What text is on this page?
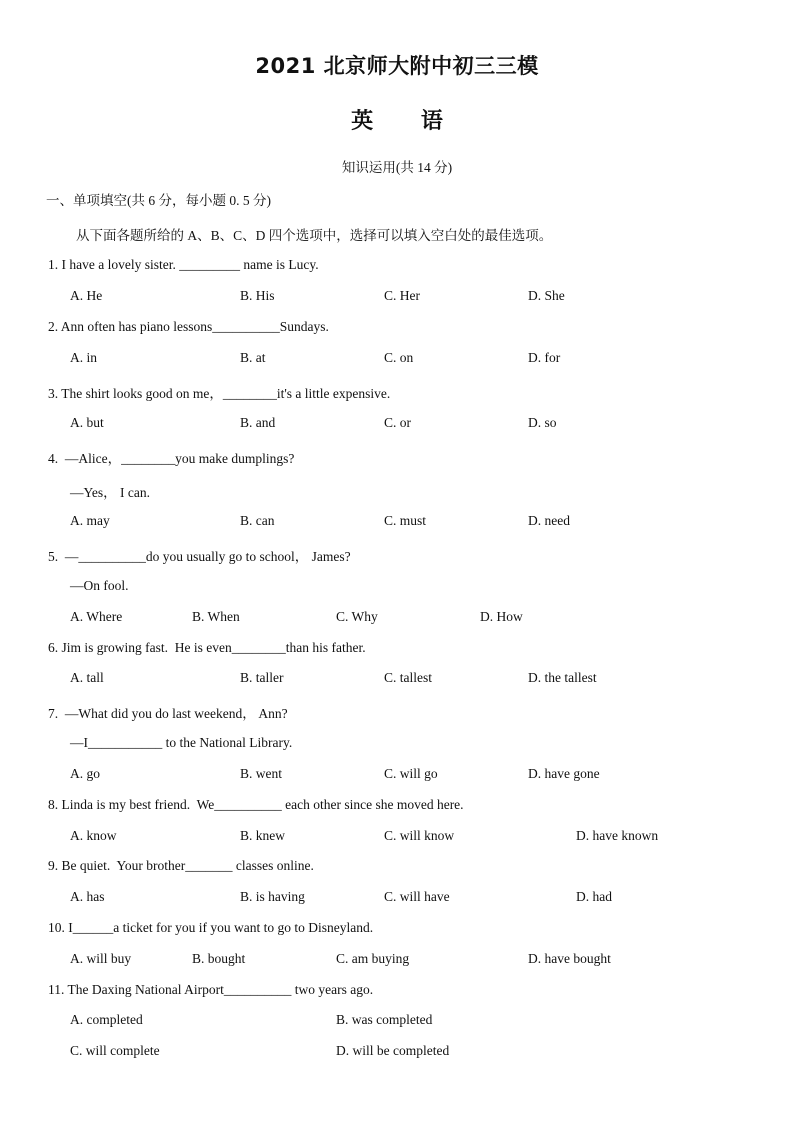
2021 北京师大附中初三三模
英 语
知识运用(共 14 分)
一、单项填空(共 6 分，每小题 0. 5 分)
从下面各题所给的 A、B、C、D 四个选项中，选择可以填入空白处的最佳选项。
1. I have a lovely sister. _________ name is Lucy.
A. He	B. His	C. Her	D. She
2. Ann often has piano lessons__________Sundays.
A. in	B. at	C. on	D. for
3. The shirt looks good on me，________it's a little expensive.
A. but	B. and	C. or	D. so
4.  —Alice，________you make dumplings?
—Yes， I can.
A. may	B. can	C. must	D. need
5.  —__________do you usually go to school， James?
—On fool.
A. Where	B. When	C. Why	D. How
6. Jim is growing fast.  He is even________than his father.
A. tall	B. taller	C. tallest	D. the tallest
7.  —What did you do last weekend， Ann?
—I___________ to the National Library.
A. go	B. went	C. will go	D. have gone
8. Linda is my best friend.  We__________ each other since she moved here.
A. know	B. knew	C. will know	D. have known
9. Be quiet.  Your brother_______ classes online.
A. has	B. is having	C. will have	D. had
10. I______a ticket for you if you want to go to Disneyland.
A. will buy	B. bought	C. am buying	D. have bought
11. The Daxing National Airport__________ two years ago.
A. completed	B. was completed
C. will complete	D. will be completed
